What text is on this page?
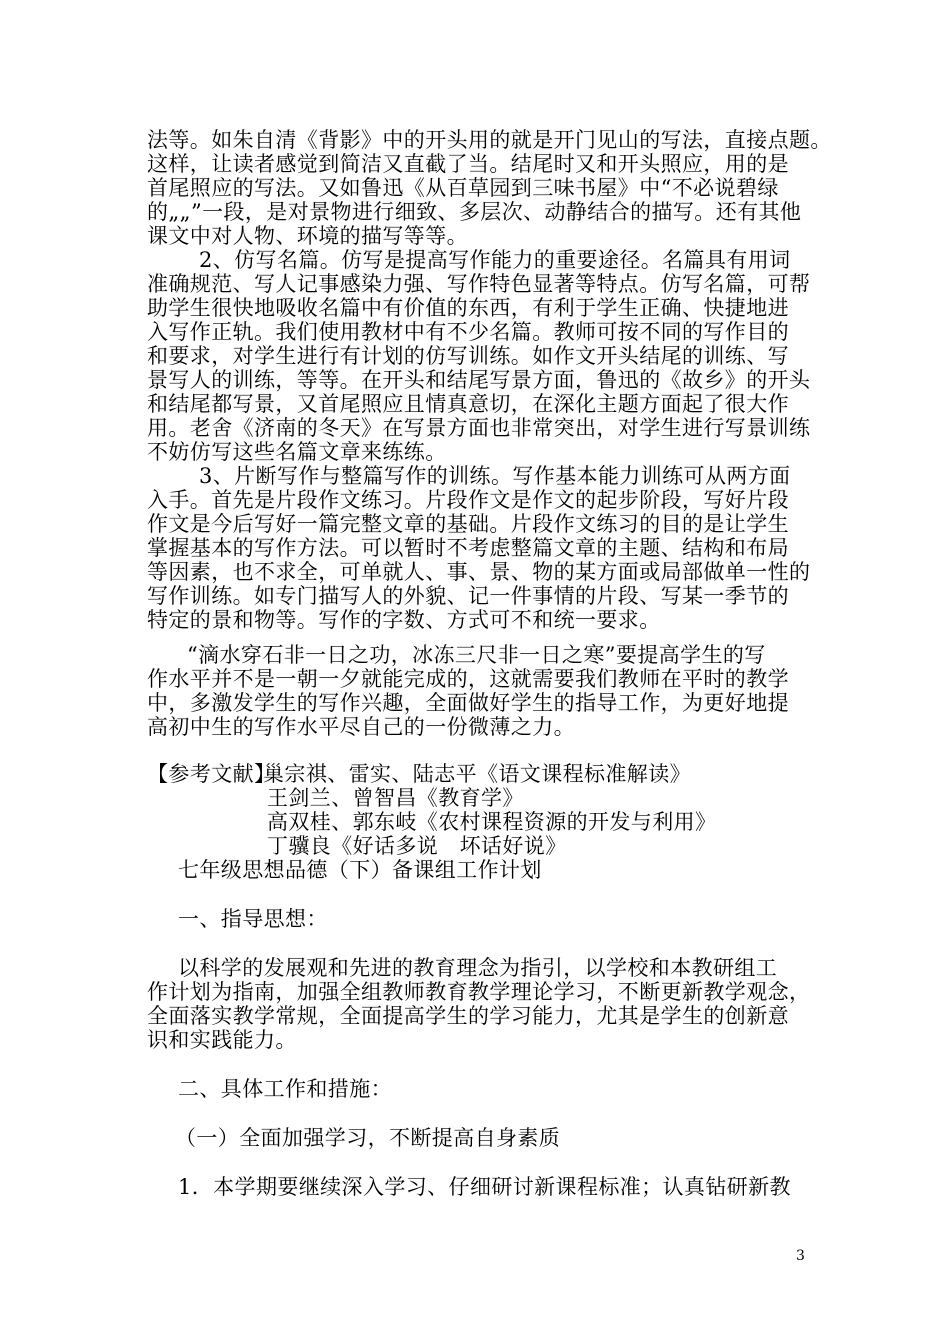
法等。如朱自清《背影》中的开头用的就是开门见山的写法，直接点题。
这样，让读者感觉到简洁又直截了当。结尾时又和开头照应，用的是
首尾照应的写法。又如鲁迅《从百草园到三味书屋》中“不必说碧绿
的„„”一段，是对景物进行细致、多层次、动静结合的描写。还有其他
课文中对人物、环境的描写等等。
2、仿写名篇。仿写是提高写作能力的重要途径。名篇具有用词
准确规范、写人记事感染力强、写作特色显著等特点。仿写名篇，可帮
助学生很快地吸收名篇中有价值的东西，有利于学生正确、快捷地进
入写作正轨。我们使用教材中有不少名篇。教师可按不同的写作目的
和要求，对学生进行有计划的仿写训练。如作文开头结尾的训练、写
景写人的训练，等等。在开头和结尾写景方面，鲁迅的《故乡》的开头
和结尾都写景，又首尾照应且情真意切，在深化主题方面起了很大作
用。老舍《济南的冬天》在写景方面也非常突出，对学生进行写景训练
不妨仿写这些名篇文章来练练。
3、片断写作与整篇写作的训练。写作基本能力训练可从两方面
入手。首先是片段作文练习。片段作文是作文的起步阶段，写好片段
作文是今后写好一篇完整文章的基础。片段作文练习的目的是让学生
掌握基本的写作方法。可以暂时不考虑整篇文章的主题、结构和布局
等因素，也不求全，可单就人、事、景、物的某方面或局部做单一性的
写作训练。如专门描写人的外貌、记一件事情的片段、写某一季节的
特定的景和物等。写作的字数、方式可不和统一要求。
“滴水穿石非一日之功，冰冻三尺非一日之寒”要提高学生的写
作水平并不是一朝一夕就能完成的，这就需要我们教师在平时的教学
中，多激发学生的写作兴趣，全面做好学生的指导工作，为更好地提
高初中生的写作水平尽自己的一份微薄之力。
【参考文献】
巢宗祺、雷实、陆志平《语文课程标准解读》
王剑兰、曾智昌《教育学》
高双桂、郭东岐《农村课程资源的开发与利用》
丁骥良《好话多说　坏话好说》
七年级思想品德（下）备课组工作计划
一、指导思想：
以科学的发展观和先进的教育理念为指引，以学校和本教研组工
作计划为指南，加强全组教师教育教学理论学习，不断更新教学观念，
全面落实教学常规，全面提高学生的学习能力，尤其是学生的创新意
识和实践能力。
二、具体工作和措施：
（一）全面加强学习，不断提高自身素质
1．本学期要继续深入学习、仔细研讨新课程标准；认真钻研新教
3
